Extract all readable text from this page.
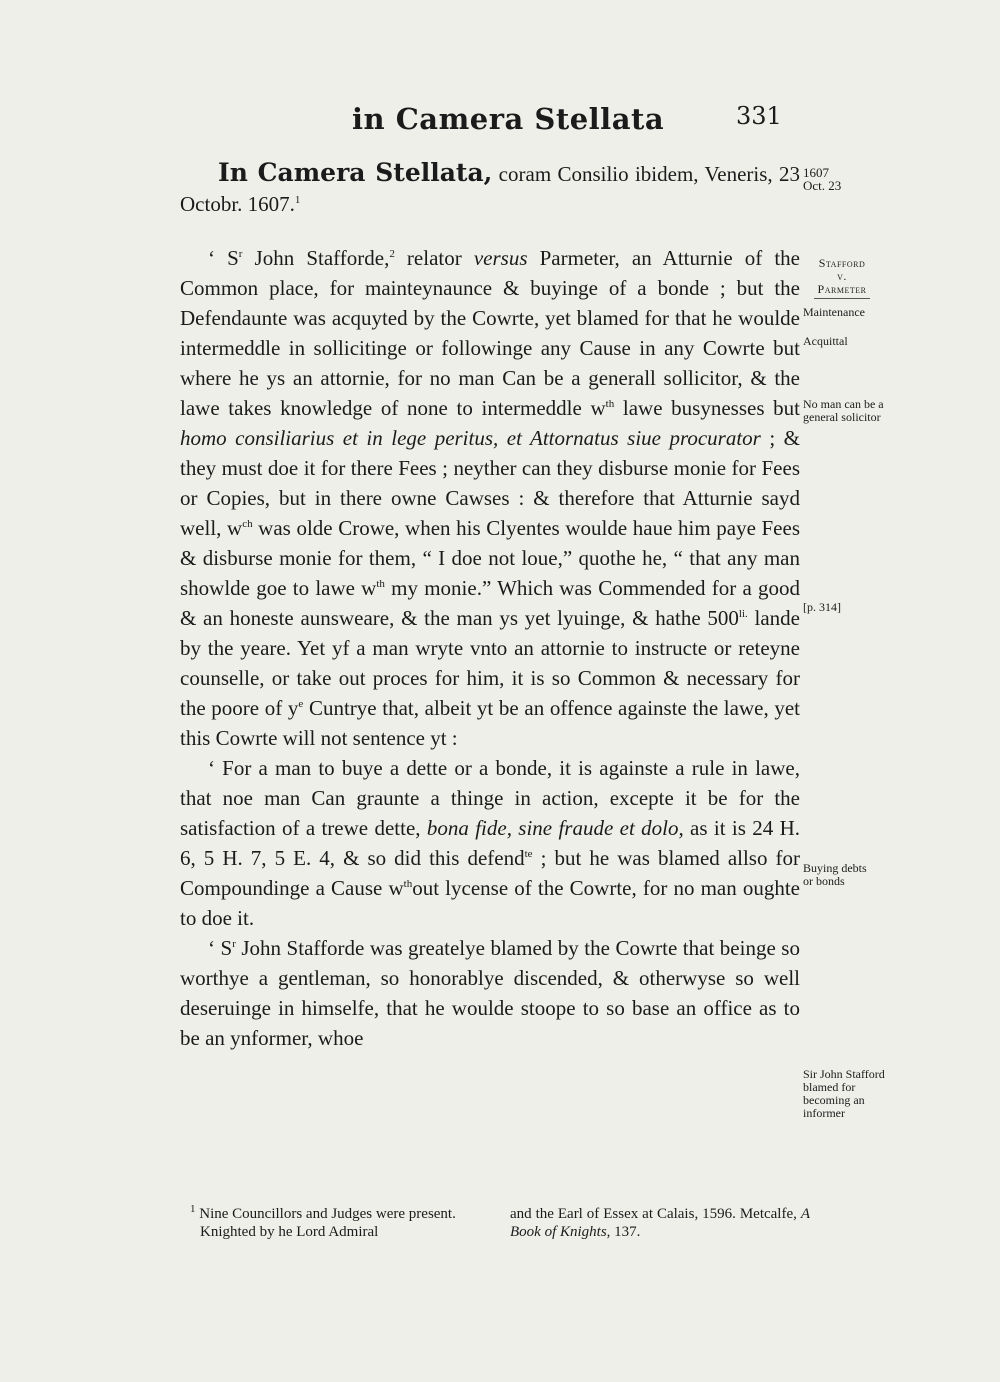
in Camera Stellata	331

In Camera Stellata, coram Consilio ibidem, Veneris, 23 Octobr. 1607.$^1$

‘ $S^r$ John Stafforde,$^2$ relator versus Parmeter, an Atturnie of the Common place, for mainteynaunce & buyinge of a bonde ; but the Defendaunte was acquyted by the Cowrte, yet blamed for that he woulde intermeddle in sollicitinge or followinge any Cause in any Cowrte but where he ys an attornie, for no man Can be a generall sollicitor, & the lawe takes knowledge of none to intermeddle $w^{th}$ lawe busynesses but homo consiliarius et in lege peritus, et Attornatus siue procurator ; & they must doe it for there Fees ; neyther can they disburse monie for Fees or Copies, but in there owne Cawses : & therefore that Atturnie sayd well, $w^{ch}$ was olde Crowe, when his Clyentes woulde haue him paye Fees & disburse monie for them, “ I doe not loue,” quothe he, “ that any man showlde goe to lawe $w^{th}$ my monie.” Which was Commended for a good & an honeste aunsweare, & the man ys yet lyuinge, & hathe $500^{li.}$ lande by the yeare. Yet yf a man wryte vnto an attornie to instructe or reteyne counselle, or take out proces for him, it is so Common & necessary for the poore of $y^e$ Cuntrye that, albeit yt be an offence againste the lawe, yet this Cowrte will not sentence yt :

‘ For a man to buye a dette or a bonde, it is againste a rule in lawe, that noe man Can graunte a thinge in action, excepte it be for the satisfaction of a trewe dette, bona fide, sine fraude et dolo, as it is 24 H. 6, 5 H. 7, 5 E. 4, & so did this defend$^{te}$ ; but he was blamed allso for Compoundinge a Cause $w^{th}out$ lycense of the Cowrte, for no man oughte to doe it.

‘ $S^r$ John Stafforde was greatelye blamed by the Cowrte that beinge so worthye a gentleman, so honorablye discended, & otherwyse so well deseruinge in himselfe, that he woulde stoope to so base an office as to be an ynformer, whoe

1607
Oct. 23
Stafford
v.
Parmeter
Maintenance
Acquittal
No man can be a general solicitor
[p. 314]
Buying debts or bonds
Sir John Stafford blamed for becoming an informer
$^1$ Nine Councillors and Judges were present.
Knighted by he Lord Admiral
and the Earl of Essex at Calais, 1596. Metcalfe, A Book of Knights, 137.
